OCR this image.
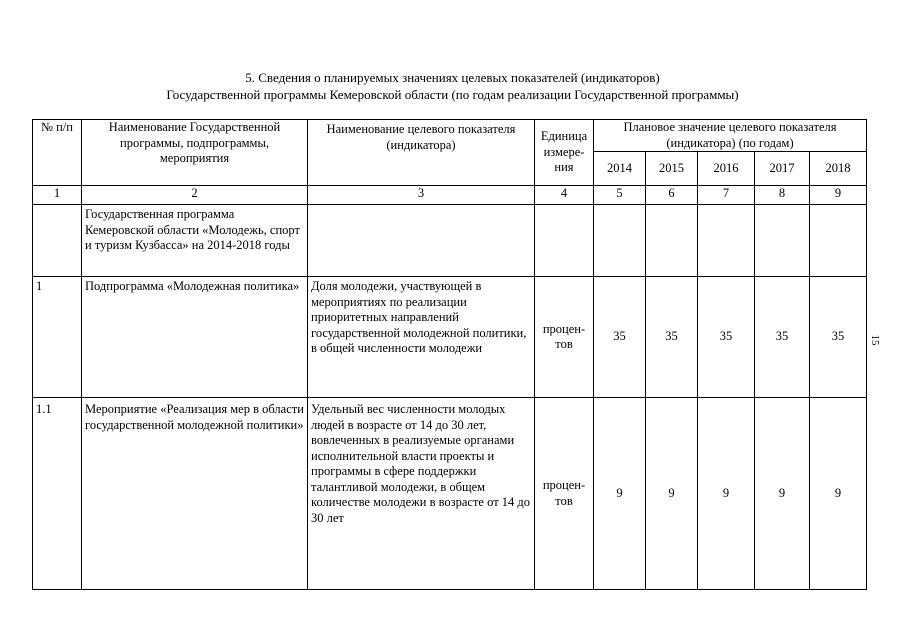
5. Сведения о планируемых значениях целевых показателей (индикаторов)
Государственной программы Кемеровской области (по годам реализации Государственной программы)
№ п/п	Наименование Государственной программы, подпрограммы, мероприятия	Наименование целевого показателя (индикатора)	Единица измере-ния	Плановое значение целевого показателя (индикатора) (по годам)				
				2014	2015	2016	2017	2018
1	2	3	4	5	6	7	8	9
	Государственная программа Кемеровской области «Молодежь, спорт и туризм Кузбасса» на 2014-2018 годы							
1	Подпрограмма «Молодежная политика»	Доля молодежи, участвующей в мероприятиях по реализации приоритетных направлений государственной молодежной политики, в общей численности молодежи	процен-тов	35	35	35	35	35
1.1	Мероприятие «Реализация мер в области государственной молодежной политики»	Удельный вес численности молодых людей в возрасте от 14 до 30 лет, вовлеченных в реализуемые органами исполнительной власти проекты и программы в сфере поддержки талантливой молодежи, в общем количестве молодежи в возрасте от 14 до 30 лет	процен-тов	9	9	9	9	9
15
